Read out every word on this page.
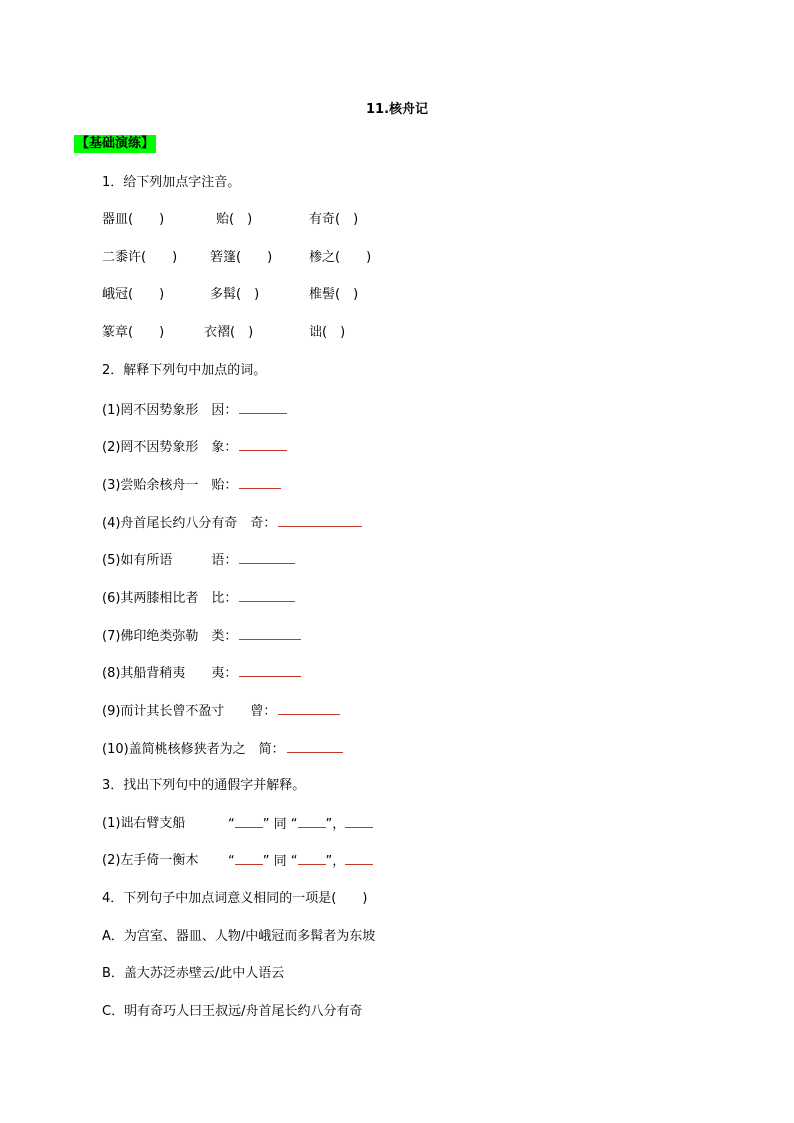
11.核舟记
【基础演练】
1．给下列加点字注音。
器皿(　　)	贻(　)	有奇(　)
二黍许(　　)	箬篷(　　)	椮之(　　)
峨冠(　　)	多髯(　)	椎髻(　)
篆章(　　)	衣褶(　)	诎(　)
2．解释下列句中加点的词。
(1)罔不因势象形　因：
(2)罔不因势象形　象：
(3)尝贻余核舟一　贻：
(4)舟首尾长约八分有奇　奇：
(5)如有所语　　　语：
(6)其两膝相比者　比：
(7)佛印绝类弥勒　类：
(8)其船背稍夷　　夷：
(9)而计其长曾不盈寸　　曾：
(10)盖简桃核修狭者为之　简：
3．找出下列句中的通假字并解释。
(1)诎右臂支船	“ ” 同 “ ”，
(2)左手倚一衡木 “ ” 同 “ ”，
4．下列句子中加点词意义相同的一项是(　　)
A．为宫室、器皿、人物/中峨冠而多髯者为东坡
B．盖大苏泛赤壁云/此中人语云
C．明有奇巧人曰王叔远/舟首尾长约八分有奇
